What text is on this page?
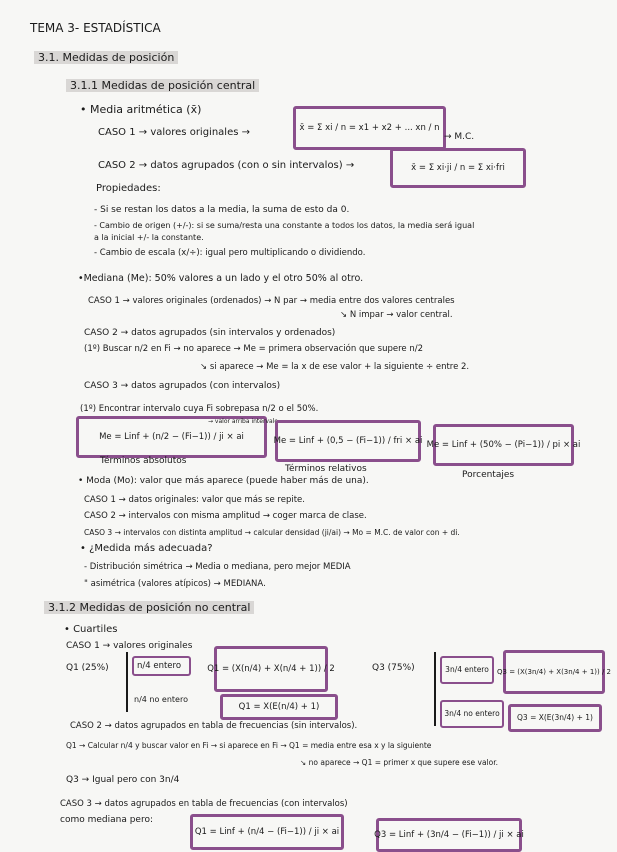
TEMA 3- ESTADÍSTICA
3.1. Medidas de posición
3.1.1 Medidas de posición central
• Media aritmética (x̄)
CASO 1 → valores originales →	x̄ = Σ xi / n = x1 + x2 + ... xn / n
→ M.C.
CASO 2 → datos agrupados (con o sin intervalos) →	x̄ = Σ xi·ji / n = Σ xi·fri
Propiedades:
- Si se restan los datos a la media, la suma de esto da 0.
- Cambio de origen (+/-): si se suma/resta una constante a todos los datos, la media será igual
a la inicial +/- la constante.
- Cambio de escala (x/÷): igual pero multiplicando o dividiendo.
•Mediana (Me): 50% valores a un lado y el otro 50% al otro.
CASO 1 → valores originales (ordenados) → N par → media entre dos valores centrales
↘ N impar → valor central.
CASO 2 → datos agrupados (sin intervalos y ordenados)
(1º) Buscar n/2 en Fi → no aparece → Me = primera observación que supere n/2
↘ si aparece → Me = la x de ese valor + la siguiente ÷ entre 2.
CASO 3 → datos agrupados (con intervalos)
(1º) Encontrar intervalo cuya Fi sobrepasa n/2 o el 50%.
Me = Linf + (n/2 − (Fi−1)) / ji × ai
→ valor arriba intervalo
Me = Linf + (0,5 − (Fi−1)) / fri × ai Me = Linf + (50% − (Pi−1)) / pi × ai
Términos absolutos
Términos relativos
Porcentajes
• Moda (Mo): valor que más aparece (puede haber más de una).
CASO 1 → datos originales: valor que más se repite.
CASO 2 → intervalos con misma amplitud → coger marca de clase.
CASO 3 → intervalos con distinta amplitud → calcular densidad (ji/ai) → Mo = M.C. de valor con + di.
• ¿Medida más adecuada?
- Distribución simétrica → Media o mediana, pero mejor MEDIA
" asimétrica (valores atípicos) → MEDIANA.
3.1.2 Medidas de posición no central
• Cuartiles
CASO 1 → valores originales
Q1 (25%)	n/4 entero
n/4 no entero
Q1 = (X(n/4) + X(n/4 + 1)) / 2
Q1 = X(E(n/4) + 1)
Q3 (75%)	3n/4 entero
3n/4 no entero
Q3 = (X(3n/4) + X(3n/4 + 1)) / 2
Q3 = X(E(3n/4) + 1)
CASO 2 → datos agrupados en tabla de frecuencias (sin intervalos).
Q1 → Calcular n/4 y buscar valor en Fi → si aparece en Fi → Q1 = media entre esa x y la siguiente
↘ no aparece → Q1 = primer x que supere ese valor.
Q3 → Igual pero con 3n/4
CASO 3 → datos agrupados en tabla de frecuencias (con intervalos)
como mediana pero:
Q1 = Linf + (n/4 − (Fi−1)) / ji × ai	Q3 = Linf + (3n/4 − (Fi−1)) / ji × ai
